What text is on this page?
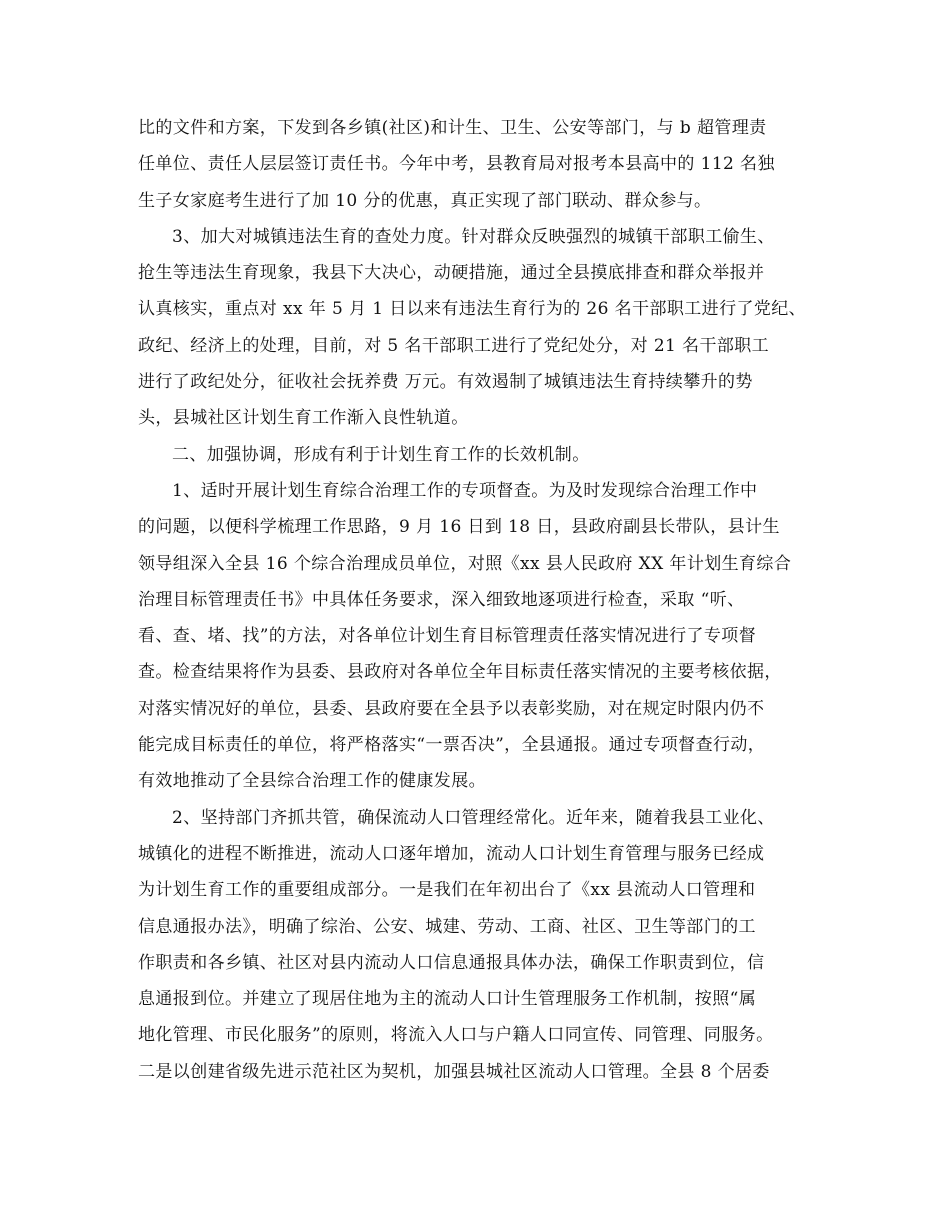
比的文件和方案，下发到各乡镇(社区)和计生、卫生、公安等部门，与 b 超管理责
任单位、责任人层层签订责任书。今年中考，县教育局对报考本县高中的 112 名独
生子女家庭考生进行了加 10 分的优惠，真正实现了部门联动、群众参与。
3、加大对城镇违法生育的查处力度。针对群众反映强烈的城镇干部职工偷生、
抢生等违法生育现象，我县下大决心，动硬措施，通过全县摸底排查和群众举报并
认真核实，重点对 xx 年 5 月 1 日以来有违法生育行为的 26 名干部职工进行了党纪、
政纪、经济上的处理，目前，对 5 名干部职工进行了党纪处分，对 21 名干部职工
进行了政纪处分，征收社会抚养费 万元。有效遏制了城镇违法生育持续攀升的势
头，县城社区计划生育工作渐入良性轨道。
二、加强协调，形成有利于计划生育工作的长效机制。
1、适时开展计划生育综合治理工作的专项督查。为及时发现综合治理工作中
的问题，以便科学梳理工作思路，9 月 16 日到 18 日，县政府副县长带队，县计生
领导组深入全县 16 个综合治理成员单位，对照《xx 县人民政府 XX 年计划生育综合
治理目标管理责任书》中具体任务要求，深入细致地逐项进行检查，采取 “听、
看、查、堵、找”的方法，对各单位计划生育目标管理责任落实情况进行了专项督
查。检查结果将作为县委、县政府对各单位全年目标责任落实情况的主要考核依据，
对落实情况好的单位，县委、县政府要在全县予以表彰奖励，对在规定时限内仍不
能完成目标责任的单位，将严格落实“一票否决”，全县通报。通过专项督查行动，
有效地推动了全县综合治理工作的健康发展。
2、坚持部门齐抓共管，确保流动人口管理经常化。近年来，随着我县工业化、
城镇化的进程不断推进，流动人口逐年增加，流动人口计划生育管理与服务已经成
为计划生育工作的重要组成部分。一是我们在年初出台了《xx 县流动人口管理和
信息通报办法》，明确了综治、公安、城建、劳动、工商、社区、卫生等部门的工
作职责和各乡镇、社区对县内流动人口信息通报具体办法，确保工作职责到位，信
息通报到位。并建立了现居住地为主的流动人口计生管理服务工作机制，按照“属
地化管理、市民化服务”的原则，将流入人口与户籍人口同宣传、同管理、同服务。
二是以创建省级先进示范社区为契机，加强县城社区流动人口管理。全县 8 个居委
